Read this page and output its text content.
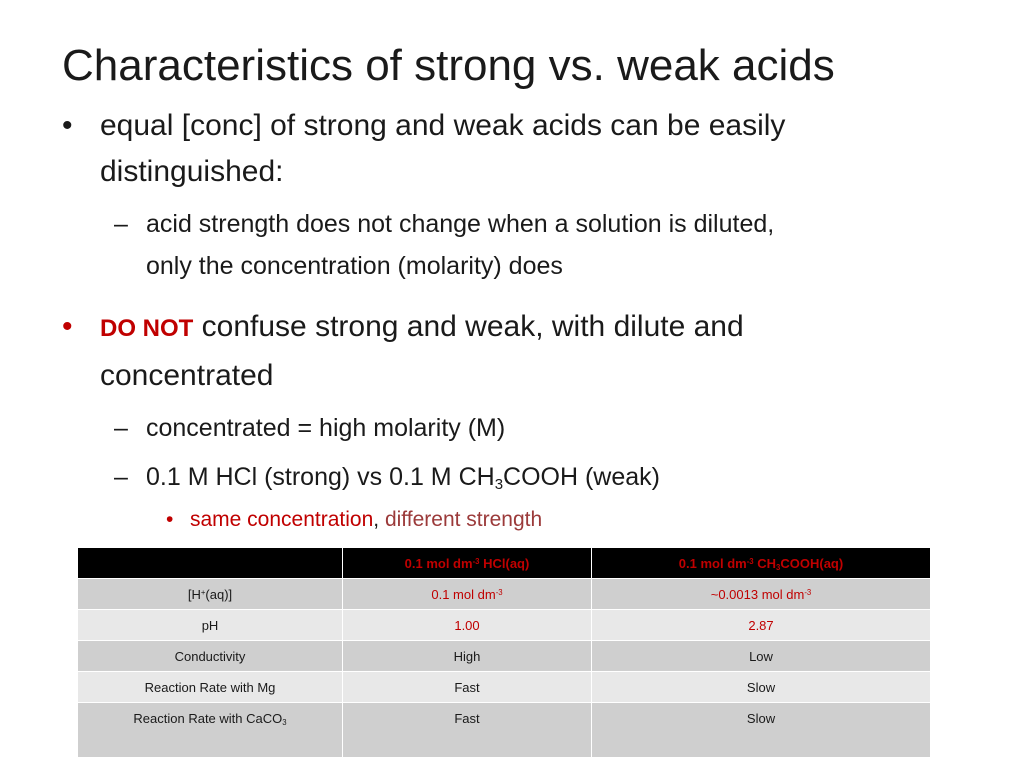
Characteristics of strong vs. weak acids
• equal [conc] of strong and weak acids can be easily
distinguished:
– acid strength does not change when a solution is diluted,
only the concentration (molarity) does
• DO NOT confuse strong and weak, with dilute and
concentrated
– concentrated = high molarity (M)
– 0.1 M HCl (strong) vs 0.1 M $CH_3COOH$ (weak)
• same concentration, different strength
	0.1 mol $dm^{-3}$ HCl(aq)	0.1 mol $dm^{-3}$ $CH_3COOH(aq)$
[H+(aq)]	0.1 mol $dm^{-3}$	~0.0013 mol $dm^{-3}$
pH	1.00	2.87
Conductivity	High	Low
Reaction Rate with Mg	Fast	Slow
Reaction Rate with CaCO$_3$	Fast	Slow
